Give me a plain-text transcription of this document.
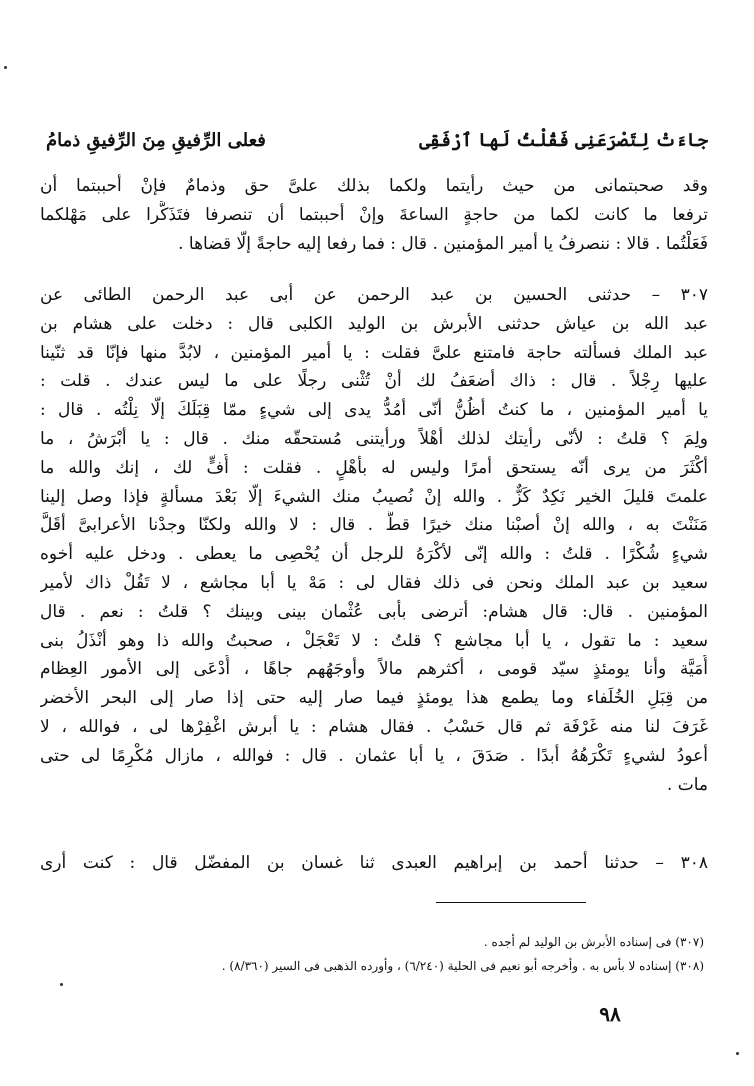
جاءَتْ لِتَصْرَعَنِى فَقُلْتُ لَها ٱرْفَقِى
فعلى الرِّفيقِ مِنَ الرِّفيقِ ذمامُ
وقد صحبتمانى من حيث رأيتما ولكما بذلك علىَّ حق وذمامٌ فإنْ أحببتما أن
ترفعا ما كانت لكما من حاجةٍ الساعةَ وإنْ أحببتما أن تنصرفا فتَذَكَّرا على مَهْلكما
فَعَلْتُما . قالا : ننصرفُ يا أمير المؤمنين . قال : فما رفعا إليه حاجةً إلّا قضاها .
٣٠٧ – حدثنى الحسين بن عبد الرحمن عن أبى عبد الرحمن الطائى عن
عبد الله بن عياش حدثنى الأبرش بن الوليد الكلبى قال : دخلت على هشام بن
عبد الملك فسألته حاجة فامتنع علىَّ فقلت : يا أمير المؤمنين ، لابُدَّ منها فإنّا قد ثنّينا
عليها رِجْلاً . قال : ذاك أضعَفُ لك أنْ تُثْنى رجلًا على ما ليس عندك . قلت :
يا أمير المؤمنين ، ما كنتُ أظُنُّ أنّى أمُدُّ يدى إلى شيءٍ ممّا قِبَلَكَ إلّا نِلْتُه . قال :
ولِمَ ؟ قلتُ : لأنّى رأيتك لذلك أهْلاً ورأيتنى مُستحقّه منك . قال : يا أبْرَشُ ، ما
أكْثَرَ من يرى أنّه يستحق أمرًا وليس له بأهْلٍ . فقلت : أُفٍّ لك ، إنك والله ما
علمتَ قليلَ الخير نَكِدٌ كَزٌّ . والله إنْ نُصيبُ منك الشيءَ إلّا بَعْدَ مسألةٍ فإذا وصل إلينا
مَنَنْتَ به ، والله إنْ أصبْنا منك خيرًا قطُّ . قال : لا والله ولكنّا وجدْنا الأعرابىَّ أقَلَّ
شيءٍ شُكْرًا . قلتُ : والله إنّى لأكْرَهُ للرجل أن يُحْصِى ما يعطى . ودخل عليه أخوه
سعيد بن عبد الملك ونحن فى ذلك فقال لى : مَهْ يا أبا مجاشع ، لا تَقُلْ ذاك لأمير
المؤمنين . قال: قال هشام: أترضى بأبى عُثْمان بينى وبينك ؟ قلتُ : نعم . قال
سعيد : ما تقول ، يا أبا مجاشع ؟ قلتُ : لا تَعْجَلْ ، صحبتُ والله ذا وهو أنْذَلُ بنى
أُمَيَّة وأنا يومئذٍ سيّد قومى ، أكثرهم مالاً وأوجَهُهم جاهًا ، أُدْعَى إلى الأمور العِظام
من قِبَلِ الخُلَفاء وما يطمع هذا يومئذٍ فيما صار إليه حتى إذا صار إلى البحر الأخضر
غَرَفَ لنا منه غَرْفَة ثم قال حَسْبُ . فقال هشام : يا أبرش اغْفِرْها لى ، فوالله ، لا
أعودُ لشيءٍ تَكْرَهُهُ أبدًا . صَدَقَ ، يا أبا عثمان . قال : فوالله ، مازال مُكْرِمًا لى حتى
مات .
٣٠٨ – حدثنا أحمد بن إبراهيم العبدى ثنا غسان بن المفضّل قال : كنت أرى
(٣٠٧) فى إسناده الأبرش بن الوليد لم أجده .
(٣٠٨) إسناده لا بأس به . وأخرجه أبو نعيم فى الحلية (٦/٢٤٠) ، وأورده الذهبى فى السير (٨/٣٦٠) .
٩٨
